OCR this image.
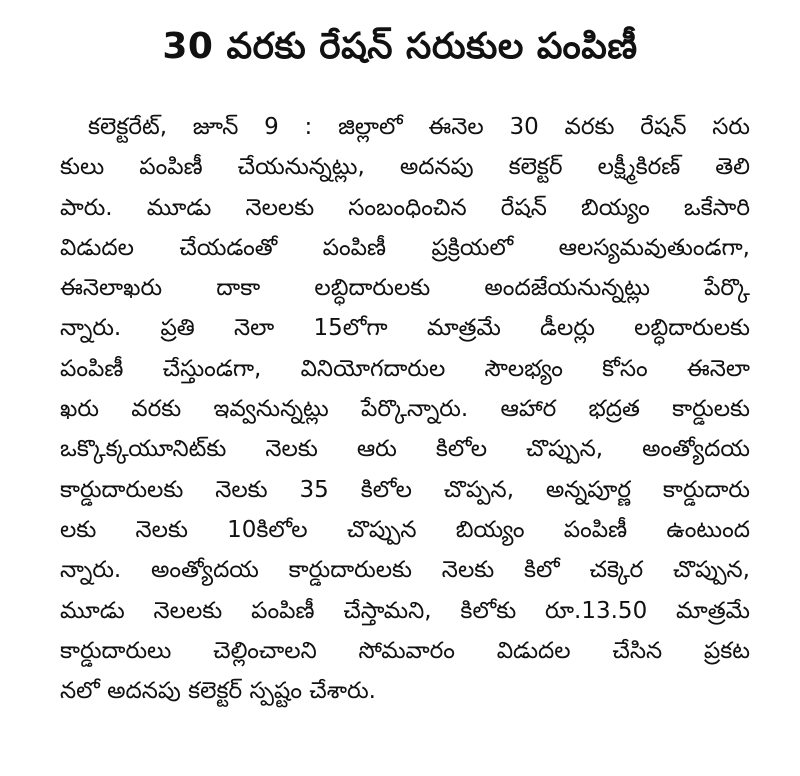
30 వరకు రేషన్ సరుకుల పంపిణీ
కలెక్టరేట్, జూన్ 9 : జిల్లాలో ఈనెల 30 వరకు రేషన్ సరు
కులు పంపిణీ చేయనున్నట్లు, అదనపు కలెక్టర్ లక్ష్మీకిరణ్ తెలి
పారు. మూడు నెలలకు సంబంధించిన రేషన్ బియ్యం ఒకేసారి
విడుదల చేయడంతో పంపిణీ ప్రక్రియలో ఆలస్యమవుతుండగా,
ఈనెలాఖరు దాకా లబ్ధిదారులకు అందజేయనున్నట్లు పేర్కొ
న్నారు. ప్రతి నెలా 15లోగా మాత్రమే డీలర్లు లబ్ధిదారులకు
పంపిణీ చేస్తుండగా, వినియోగదారుల సౌలభ్యం కోసం ఈనెలా
ఖరు వరకు ఇవ్వనున్నట్లు పేర్కొన్నారు. ఆహార భద్రత కార్డులకు
ఒక్కొక్కయూనిట్‌కు నెలకు ఆరు కిలోల చొప్పున, అంత్యోదయ
కార్డుదారులకు నెలకు 35 కిలోల చొప్పన, అన్నపూర్ణ కార్డుదారు
లకు నెలకు 10కిలోల చొప్పున బియ్యం పంపిణీ ఉంటుంద
న్నారు. అంత్యోదయ కార్డుదారులకు నెలకు కిలో చక్కెర చొప్పున,
మూడు నెలలకు పంపిణీ చేస్తామని, కిలోకు రూ.13.50 మాత్రమే
కార్డుదారులు చెల్లించాలని సోమవారం విడుదల చేసిన ప్రకట
నలో అదనపు కలెక్టర్ స్పష్టం చేశారు.
